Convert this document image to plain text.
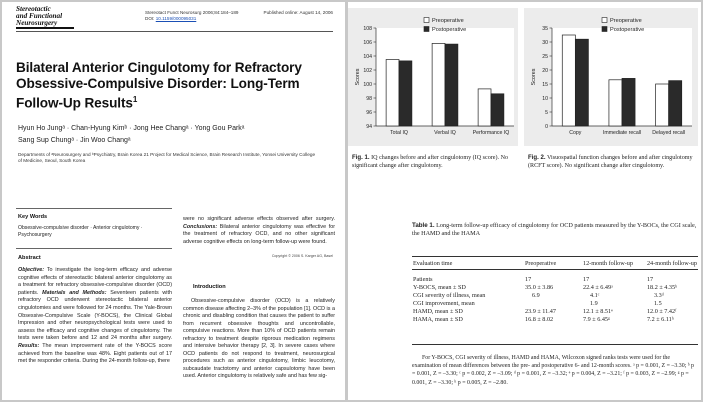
Stereotactic
and Functional
Neurosurgery
Stereotact Funct Neurosurg 2006;84:184–189
DOI: 10.1159/000095031
Published online: August 14, 2006
Bilateral Anterior Cingulotomy for Refractory Obsessive-Compulsive Disorder: Long-Term Follow-Up Results$^1$
Hyun Ho Jungᵃ · Chan-Hyung Kimᵇ · Jong Hee Changᵃ · Yong Gou Parkᵃ
Sang Sup Chungᵃ · Jin Woo Changᵃ
Departments of ᵃNeurosurgery and ᵇPsychiatry, Brain Korea 21 Project for Medical Science, Brain Research Institute, Yonsei University College of Medicine, Seoul, South Korea
Key Words
Obsessive-compulsive disorder · Anterior cingulotomy · Psychosurgery
Abstract
Objective: To investigate the long-term efficacy and adverse cognitive effects of stereotactic bilateral anterior cingulotomy as a treatment for refractory obsessive-compulsive disorder (OCD) patients. Materials and Methods: Seventeen patients with refractory OCD underwent stereotactic bilateral anterior cingulotomies and were followed for 24 months. The Yale-Brown Obsessive-Compulsive Scale (Y-BOCS), the Clinical Global Impression and other neuropsychological tests were used to assess the efficacy and cognitive changes of cingulotomy. The tests were taken before and 12 and 24 months after surgery. Results: The mean improvement rate of the Y-BOCS score achieved from the baseline was 48%. Eight patients out of 17 met the responder criteria. During the 24-month follow-up, there
were no significant adverse effects observed after surgery. Conclusions: Bilateral anterior cingulotomy was effective for the treatment of refractory OCD, and no other significant adverse cognitive effects on long-term follow-up were found.
Copyright © 2006 S. Karger AG, Basel
Introduction
Obsessive-compulsive disorder (OCD) is a relatively common disease affecting 2–3% of the population [1]. OCD is a chronic and disabling condition that causes the patient to suffer from recurrent obsessive thoughts and uncontrollable, compulsive reactions. More than 10% of OCD patients remain refractory to treatment despite rigorous medication regimens and intensive behavior therapy [2, 3]. In severe cases where OCD patients do not respond to treatment, neurosurgical procedures such as anterior cingulotomy, limbic leucotomy, subcaudate tractotomy and anterior capsulotomy have been used. Anterior cingulotomy is relatively safe and has few sig-
94
96
98
100
102
104
106
108
Scores
Total IQ	Verbal IQ	Performance IQ
Preoperative
Postoperative
0
5
10
15
20
25
30
35
Scores
Copy	Immediate recall Delayed recall
Preoperative
Postoperative
Fig. 1. IQ changes before and after cingulotomy (IQ score). No significant change after cingulotomy.
Fig. 2. Visuospatial function changes before and after cingulotomy (RCFT score). No significant change after cingulotomy.
Table 1. Long-term follow-up efficacy of cingulotomy for OCD patients measured by the Y-BOCs, the CGI scale, the HAMD and the HAMA
Evaluation time	Preoperative	12-month follow-up	24-month follow-up
Patients	17	17	17
Y-BOCS, mean ± SD	35.0 ± 3.86	22.4 ± 6.49ᵃ	18.2 ± 4.35ᵇ
CGI severity of illness, mean	6.9	4.1ᶜ	3.3ᵈ
CGI improvement, mean		1.9	1.5
HAMD, mean ± SD	23.9 ± 11.47	12.1 ± 8.51ᵉ	12.0 ± 7.42ᶠ
HAMA, mean ± SD	16.8 ± 8.02	7.9 ± 6.45ᵍ	7.2 ± 6.11ʰ
For Y-BOCS, CGI severity of illness, HAMD and HAMA, Wilcoxon signed ranks tests were used for the examination of mean differences between the pre- and postoperative 6- and 12-month scores. ᵃ p = 0.001, Z = –3.30; ᵇ p = 0.001, Z = –3.30; ᶜ p = 0.002, Z = –3.09; ᵈ p = 0.001, Z = –3.32; ᵉ p = 0.004, Z = –3.21; ᶠ p = 0.003, Z = –2.99; ᵍ p = 0.001, Z = –3.30; ʰ p = 0.005, Z = –2.80.
